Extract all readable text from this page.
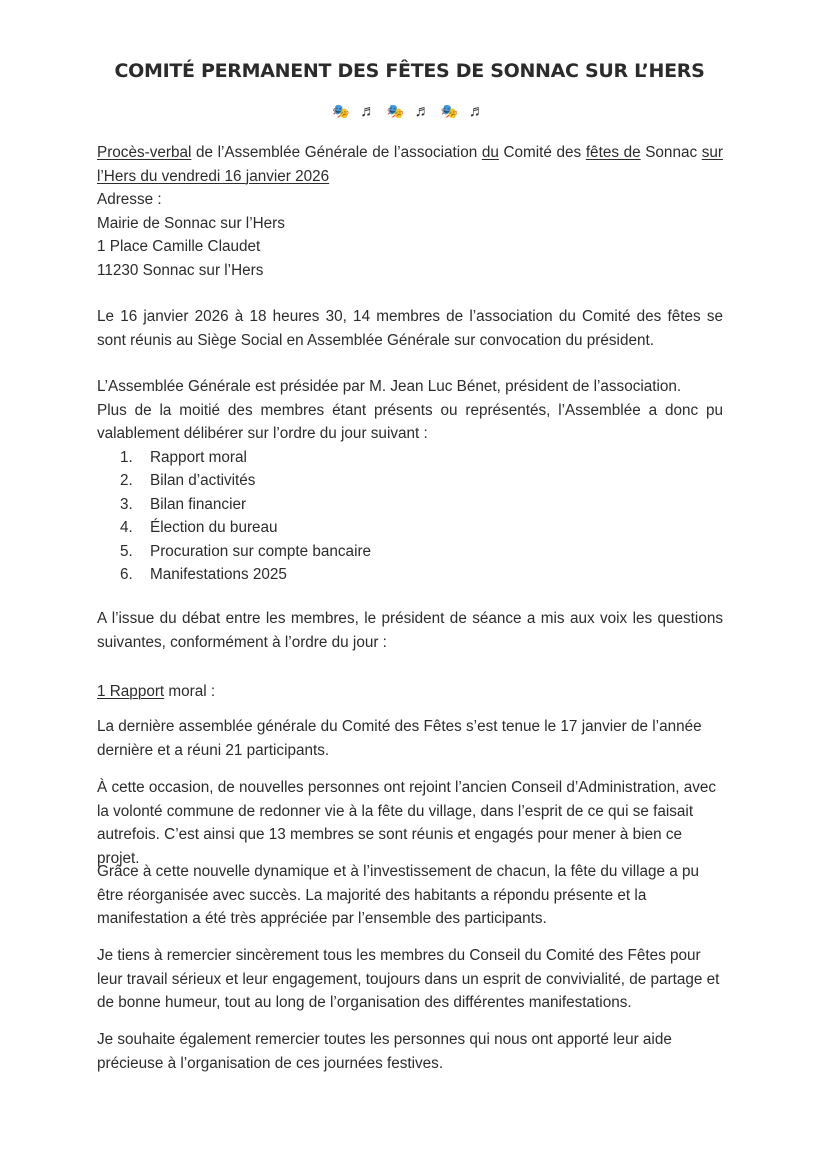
COMITÉ PERMANENT DES FÊTES DE SONNAC SUR L’HERS
🎭 ♬ 🎭 ♬ 🎭 ♬

Procès-verbal de l’Assemblée Générale de l’association du Comité des fêtes de Sonnac sur

l’Hers du vendredi 16 janvier 2026

Adresse :

Mairie de Sonnac sur l’Hers

1 Place Camille Claudet

11230 Sonnac sur l’Hers

Le 16 janvier 2026 à 18 heures 30, 14 membres de l’association du Comité des fêtes se sont réunis au Siège Social en Assemblée Générale sur convocation du président.

L’Assemblée Générale est présidée par M. Jean Luc Bénet, président de l’association.

Plus de la moitié des membres étant présents ou représentés, l’Assemblée a donc pu valablement délibérer sur l’ordre du jour suivant :

1.	Rapport moral
2.	Bilan d’activités
3.	Bilan financier
4.	Élection du bureau
5.	Procuration sur compte bancaire
6.	Manifestations 2025
A l’issue du débat entre les membres, le président de séance a mis aux voix les questions suivantes, conformément à l’ordre du jour :
1 Rapport moral :
La dernière assemblée générale du Comité des Fêtes s’est tenue le 17 janvier de l’année dernière et a réuni 21 participants.
À cette occasion, de nouvelles personnes ont rejoint l’ancien Conseil d’Administration, avec la volonté commune de redonner vie à la fête du village, dans l’esprit de ce qui se faisait autrefois. C’est ainsi que 13 membres se sont réunis et engagés pour mener à bien ce projet.
Grâce à cette nouvelle dynamique et à l’investissement de chacun, la fête du village a pu être réorganisée avec succès. La majorité des habitants a répondu présente et la manifestation a été très appréciée par l’ensemble des participants.
Je tiens à remercier sincèrement tous les membres du Conseil du Comité des Fêtes pour leur travail sérieux et leur engagement, toujours dans un esprit de convivialité, de partage et de bonne humeur, tout au long de l’organisation des différentes manifestations.
Je souhaite également remercier toutes les personnes qui nous ont apporté leur aide précieuse à l’organisation de ces journées festives.
